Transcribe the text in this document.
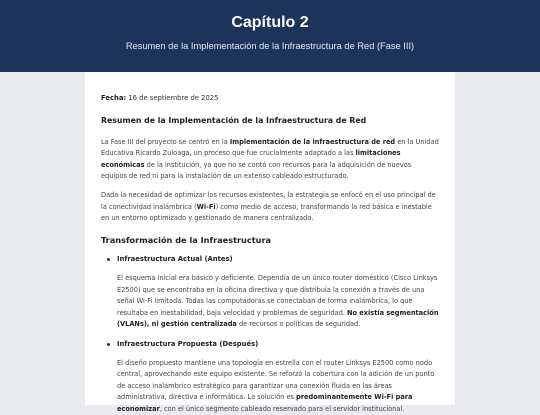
Capítulo 2
Resumen de la Implementación de la Infraestructura de Red (Fase III)
Fecha: 16 de septiembre de 2025
Resumen de la Implementación de la Infraestructura de Red

La Fase III del proyecto se centró en la Implementación de la infraestructura de red en la Unidad Educativa Ricardo Zuloaga, un proceso que fue crucialmente adaptado a las limitaciones económicas de la institución, ya que no se contó con recursos para la adquisición de nuevos equipos de red ni para la instalación de un extenso cableado estructurado.

Dada la necesidad de optimizar los recursos existentes, la estrategia se enfocó en el uso principal de la conectividad inalámbrica (Wi-Fi) como medio de acceso, transformando la red básica e inestable en un entorno optimizado y gestionado de manera centralizada.

Transformación de la Infraestructura
Infraestructura Actual (Antes)

El esquema inicial era básico y deficiente. Dependía de un único router doméstico (Cisco Linksys E2500) que se encontraba en la oficina directiva y que distribuía la conexión a través de una señal Wi-Fi limitada. Todas las computadoras se conectaban de forma inalámbrica, lo que resultaba en inestabilidad, baja velocidad y problemas de seguridad. No existía segmentación (VLANs), ni gestión centralizada de recursos o políticas de seguridad.

Infraestructura Propuesta (Después)

El diseño propuesto mantiene una topología en estrella con el router Linksys E2500 como nodo central, aprovechando este equipo existente. Se reforzó la cobertura con la adición de un punto de acceso inalámbrico estratégico para garantizar una conexión fluida en las áreas administrativa, directiva e informática. La solución es predominantemente Wi-Fi para economizar, con el único segmento cableado reservado para el servidor institucional.
